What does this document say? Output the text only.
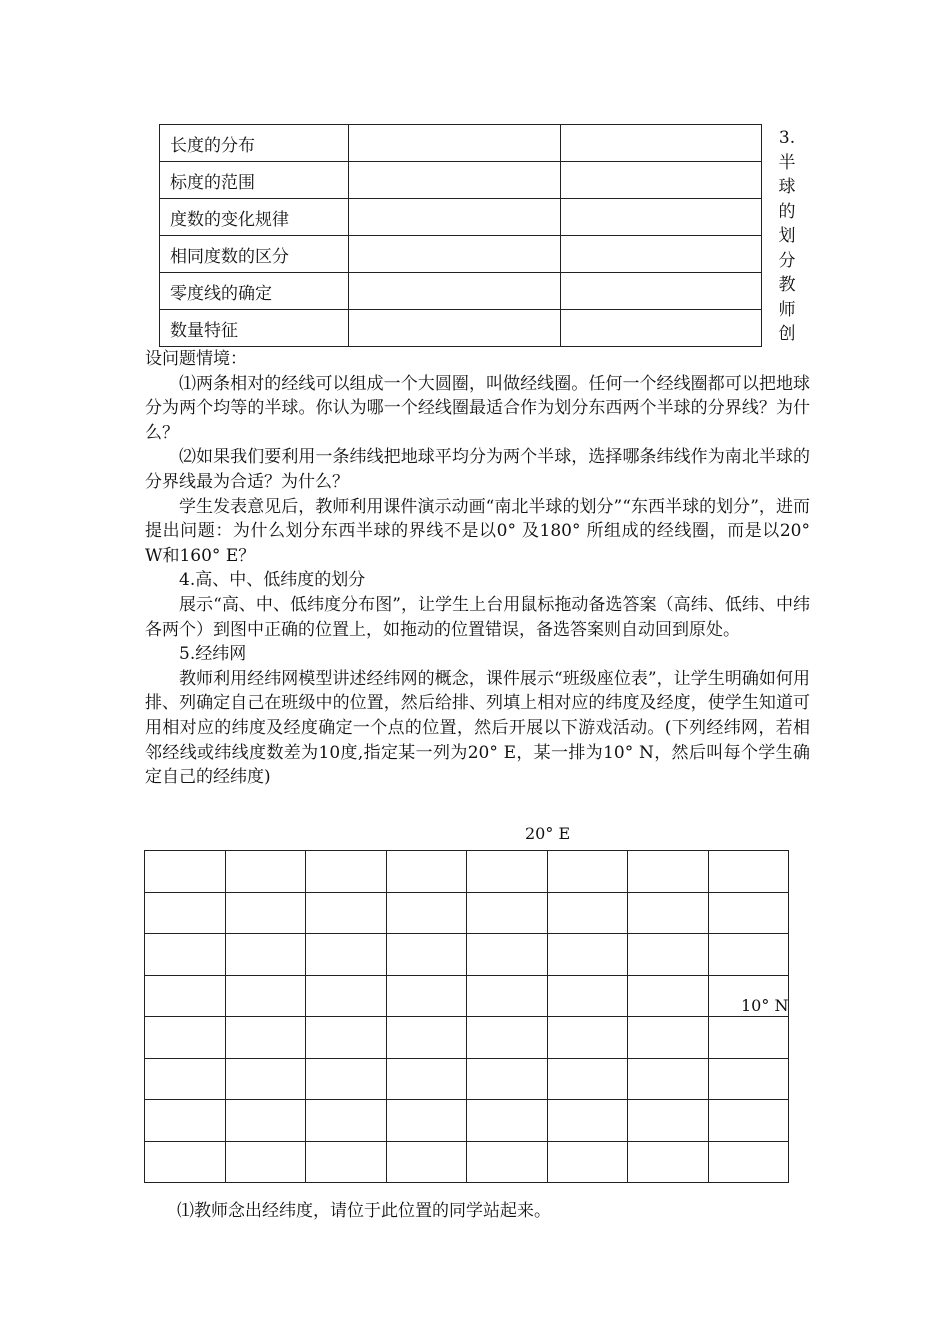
长度的分布		
标度的范围		
度数的变化规律		
相同度数的区分		
零度线的确定		
数量特征		
3.半球的划分教师创

设问题情境：

⑴两条相对的经线可以组成一个大圆圈，叫做经线圈。任何一个经线圈都可以把地球分为两个均等的半球。你认为哪一个经线圈最适合作为划分东西两个半球的分界线？为什么？

⑵如果我们要利用一条纬线把地球平均分为两个半球，选择哪条纬线作为南北半球的分界线最为合适？为什么？

学生发表意见后，教师利用课件演示动画“南北半球的划分”“东西半球的划分”，进而提出问题：为什么划分东西半球的界线不是以0° 及180° 所组成的经线圈，而是以20° W和160° E？

4.高、中、低纬度的划分

展示“高、中、低纬度分布图”，让学生上台用鼠标拖动备选答案（高纬、低纬、中纬各两个）到图中正确的位置上，如拖动的位置错误，备选答案则自动回到原处。

5.经纬网

教师利用经纬网模型讲述经纬网的概念，课件展示“班级座位表”，让学生明确如何用排、列确定自己在班级中的位置，然后给排、列填上相对应的纬度及经度，使学生知道可用相对应的纬度及经度确定一个点的位置，然后开展以下游戏活动。(下列经纬网，若相邻经线或纬线度数差为10度,指定某一列为20° E，某一排为10° N，然后叫每个学生确定自己的经纬度)

20° E

10° N
⑴教师念出经纬度，请位于此位置的同学站起来。
